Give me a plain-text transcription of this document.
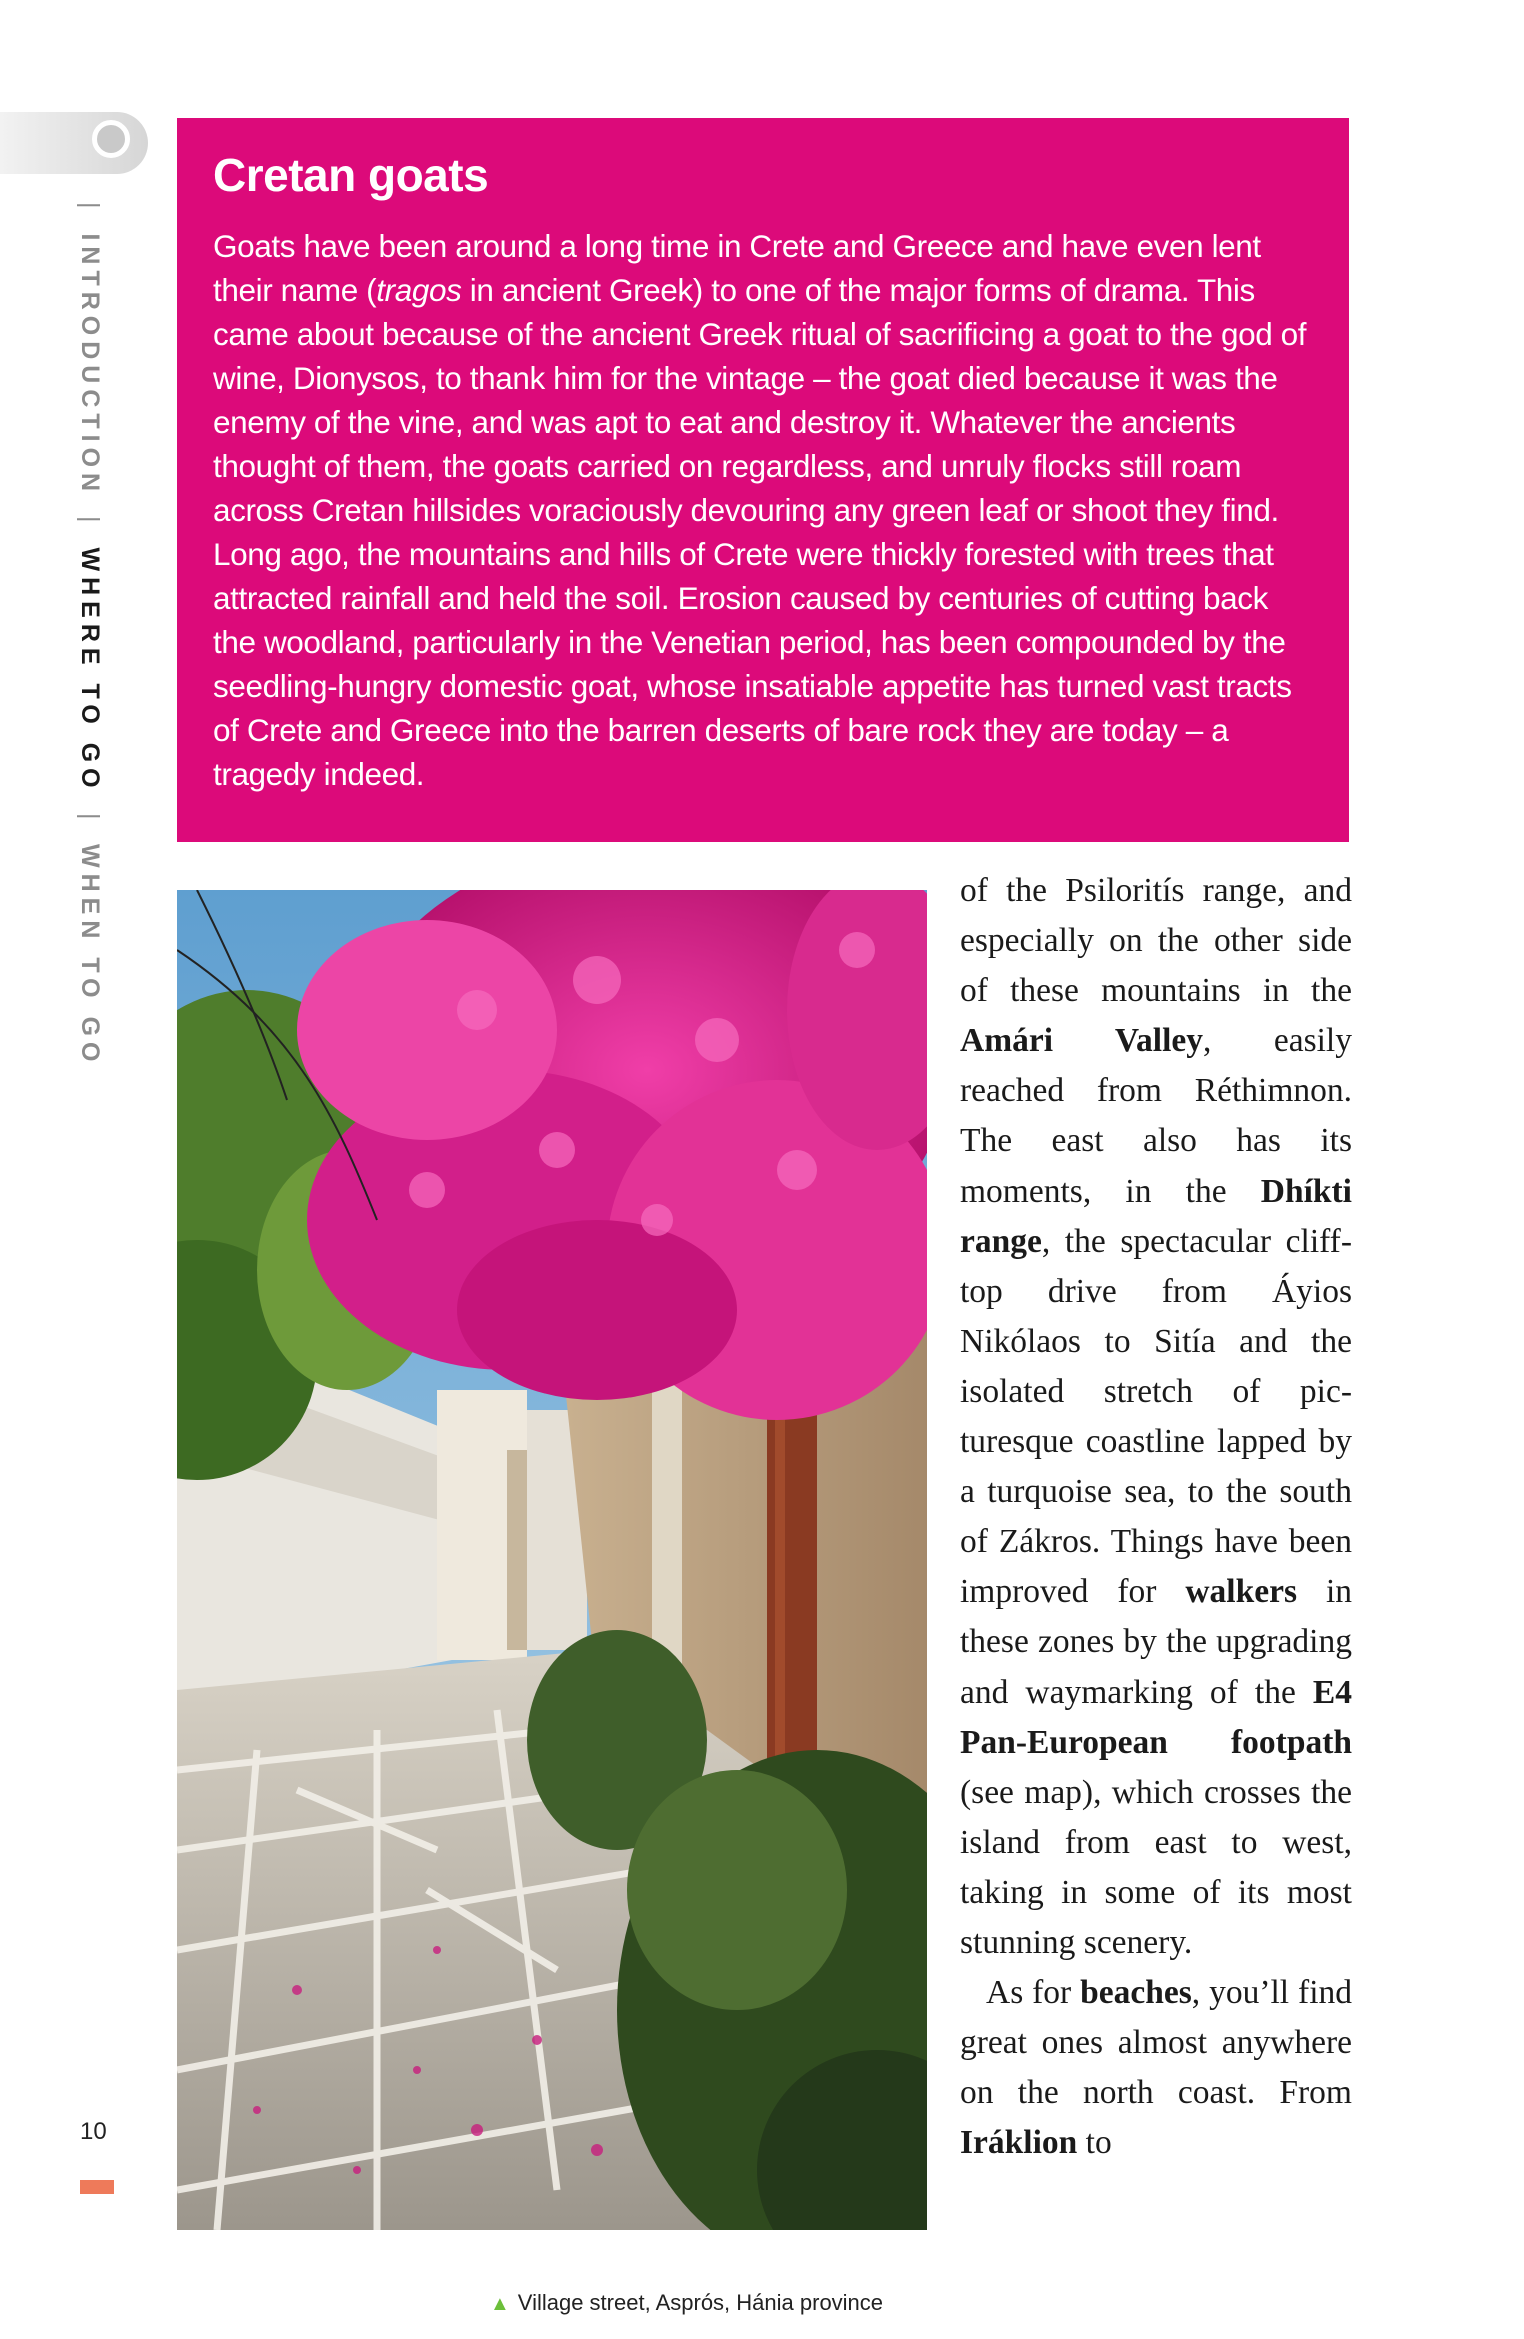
| INTRODUCTION | WHERE TO GO | WHEN TO GO
10
Cretan goats

Goats have been around a long time in Crete and Greece and have even lent their name (tragos in ancient Greek) to one of the major forms of drama. This came about because of the ancient Greek ritual of sacrificing a goat to the god of wine, Dionysos, to thank him for the vintage – the goat died because it was the enemy of the vine, and was apt to eat and destroy it. Whatever the ancients thought of them, the goats carried on regardless, and unruly flocks still roam across Cretan hillsides voraciously devouring any green leaf or shoot they find. Long ago, the mountains and hills of Crete were thickly forested with trees that attracted rainfall and held the soil. Erosion caused by centuries of cutting back the woodland, particularly in the Venetian period, has been compounded by the seedling-hungry domestic goat, whose insatiable appetite has turned vast tracts of Crete and Greece into the barren deserts of bare rock they are today – a tragedy indeed.

▲ Village street, Asprós, Hánia province

of the Psiloritís range, and especially on the other side of these mountains in the Amári Valley, easily reached from Réthimnon. The east also has its moments, in the Dhíkti range, the spectacular cliff-top drive from Áyios Nikólaos to Sitía and the isolated stretch of picturesque coastline lapped by a turquoise sea, to the south of Zákros. Things have been improved for walkers in these zones by the upgrading and waymarking of the E4 Pan-European footpath (see map), which crosses the island from east to west, taking in some of its most stunning scenery.

As for beaches, you’ll find great ones almost anywhere on the north coast. From Iráklion to
